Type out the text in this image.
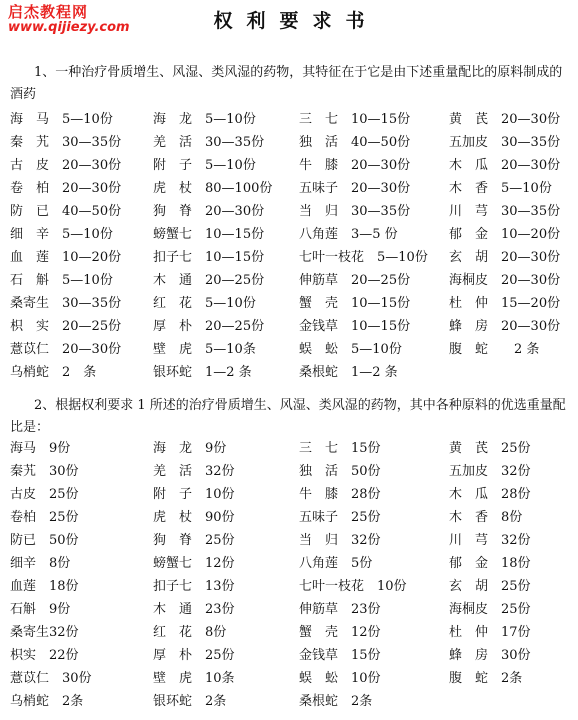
启杰教程网
www.qijiezy.com	权利要求书

1、一种治疗骨质增生、风湿、类风湿的药物，其特征在于它是由下述重量配比的原料制成的酒药

海　马　5—10份	海　龙　5—10份	三　七　10—15份	黄　芪　20—30份
秦　艽　30—35份	羌　活　30—35份	独　活　40—50份	五加皮　30—35份
古　皮　20—30份	附　子　5—10份	牛　膝　20—30份	木　瓜　20—30份
卷　柏　20—30份	虎　杖　80—100份	五味子　20—30份	木　香　5—10份
防　已　40—50份	狗　脊　20—30份	当　归　30—35份	川　芎　30—35份
细　辛　5—10份	螃蟹七　10—15份	八角莲　3—5 份	郁　金　10—20份
血　莲　10—20份	扣子七　10—15份	七叶一枝花　5—10份	玄　胡　20—30份
石　斛　5—10份	木　通　20—25份	伸筋草　20—25份	海桐皮　20—30份
桑寄生　30—35份	红　花　5—10份	蟹　壳　10—15份	杜　仲　15—20份
枳　实　20—25份	厚　朴　20—25份	金钱草　10—15份	蜂　房　20—30份
薏苡仁　20—30份	壁　虎　5—10条	蜈　蚣　5—10份	腹　蛇　　2 条
乌梢蛇　2　条	银环蛇　1—2 条	桑根蛇　1—2 条

2、根据权利要求 1 所述的治疗骨质增生、风湿、类风湿的药物，其中各种原料的优选重量配比是：

海马　9份	海　龙　9份	三　七　15份	黄　芪　25份
秦艽　30份	羌　活　32份	独　活　50份	五加皮　32份
古皮　25份	附　子　10份	牛　膝　28份	木　瓜　28份
卷柏　25份	虎　杖　90份	五味子　25份	木　香　8份
防已　50份	狗　脊　25份	当　归　32份	川　芎　32份
细辛　8份	螃蟹七　12份	八角莲　5份	郁　金　18份
血莲　18份	扣子七　13份	七叶一枝花　10份	玄　胡　25份
石斛　9份	木　通　23份	伸筋草　23份	海桐皮　25份
桑寄生32份	红　花　8份	蟹　壳　12份	杜　仲　17份
枳实　22份	厚　朴　25份	金钱草　15份	蜂　房　30份
薏苡仁　30份	壁　虎　10条	蜈　蚣　10份	腹　蛇　2条
乌梢蛇　2条	银环蛇　2条	桑根蛇　2条
